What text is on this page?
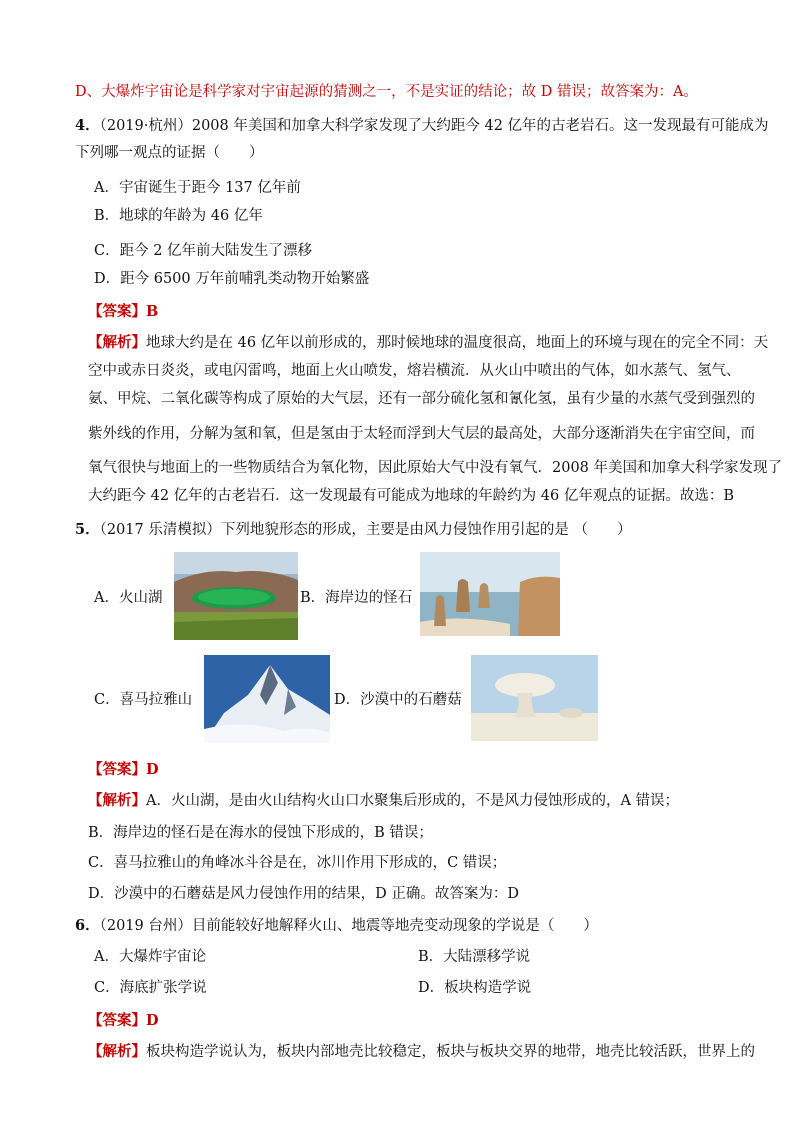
D、大爆炸宇宙论是科学家对宇宙起源的猜测之一，不是实证的结论；故 D 错误；故答案为：A。
4．（2019·杭州）2008 年美国和加拿大科学家发现了大约距今 42 亿年的古老岩石。这一发现最有可能成为
下列哪一观点的证据（　　）
A．宇宙诞生于距今 137 亿年前
B．地球的年龄为 46 亿年
C．距今 2 亿年前大陆发生了漂移
D．距今 6500 万年前哺乳类动物开始繁盛
【答案】B
【解析】地球大约是在 46 亿年以前形成的，那时候地球的温度很高，地面上的环境与现在的完全不同：天
空中或赤日炎炎，或电闪雷鸣，地面上火山喷发，熔岩横流．从火山中喷出的气体，如水蒸气、氢气、
氨、甲烷、二氧化碳等构成了原始的大气层，还有一部分硫化氢和氰化氢，虽有少量的水蒸气受到强烈的
紫外线的作用，分解为氢和氧，但是氢由于太轻而浮到大气层的最高处，大部分逐渐消失在宇宙空间，而
氧气很快与地面上的一些物质结合为氧化物，因此原始大气中没有氧气．2008 年美国和加拿大科学家发现了
大约距今 42 亿年的古老岩石．这一发现最有可能成为地球的年龄约为 46 亿年观点的证据。故选：B
5．（2017 乐清模拟）下列地貌形态的形成，主要是由风力侵蚀作用引起的是 （　　）
A．火山湖	B．海岸边的怪石
C．喜马拉雅山	D．沙漠中的石蘑菇
【答案】D
【解析】A．火山湖，是由火山结构火山口水聚集后形成的，不是风力侵蚀形成的，A 错误；
B．海岸边的怪石是在海水的侵蚀下形成的，B 错误；
C．喜马拉雅山的角峰冰斗谷是在，冰川作用下形成的，C 错误；
D．沙漠中的石蘑菇是风力侵蚀作用的结果，D 正确。故答案为：D
6．（2019 台州）目前能较好地解释火山、地震等地壳变动现象的学说是（　　）
A．大爆炸宇宙论	B．大陆漂移学说
C．海底扩张学说	D．板块构造学说
【答案】D
【解析】板块构造学说认为，板块内部地壳比较稳定，板块与板块交界的地带，地壳比较活跃，世界上的
